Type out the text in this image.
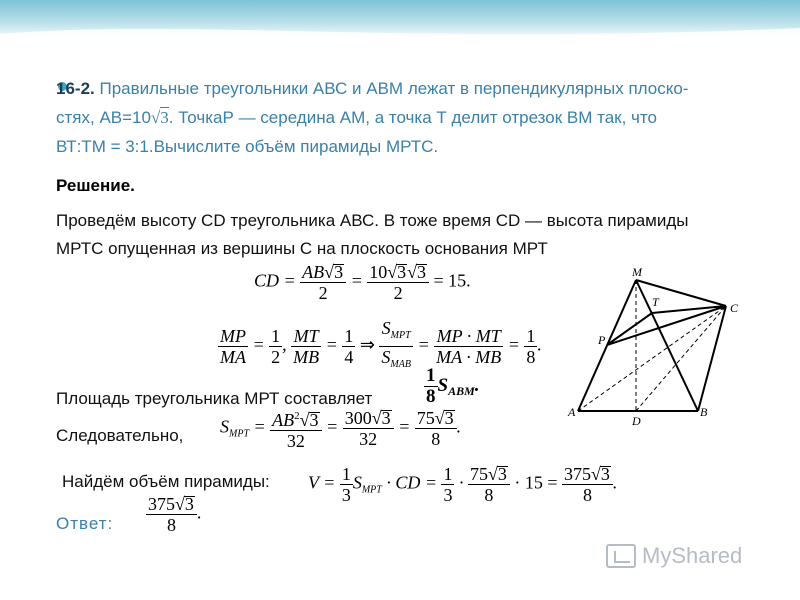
16-2. Правильные треугольники АВС и АВМ лежат в перпендикулярных плоско-
стях, АВ=10√3. ТочкаР — середина АМ, а точка Т делит отрезок ВМ так, что
ВТ:ТМ = 3:1.Вычислите объём пирамиды МРТС.

Решение.

Проведём высоту CD треугольника АВС. В тоже время CD — высота пирамиды
МРТС опущенная из вершины С на плоскость основания МРТ

CD = $\frac{AB√3}{2} = \frac{10√3√3}{2} = 15$.
$\frac{MP}{MA} = \frac{1}{2}$ , $\frac{MT}{MB} = \frac{1}{4}$ ⇒ $\frac{S_{MPT}}{S_{MAB}} = \frac{MP \cdot MT}{MA \cdot MB} = \frac{1}{8}$ .
Площадь треугольника МРТ составляет	$\frac{1}{8} S_{ABM}$.
Следовательно, $S_{MPT} = \frac{AB^2√3}{32} = \frac{300√3}{32} = \frac{75√3}{8}$ .
Найдём объём пирамиды: $V = \frac{1}{3} S_{MPT}$ · CD = $\frac{1}{3} \cdot \frac{75√3}{8} \cdot 15 = \frac{375√3}{8}$ .
Ответ: $\frac{375√3}{8}$ .
M
T	C
P
A
D
B
MyShared
